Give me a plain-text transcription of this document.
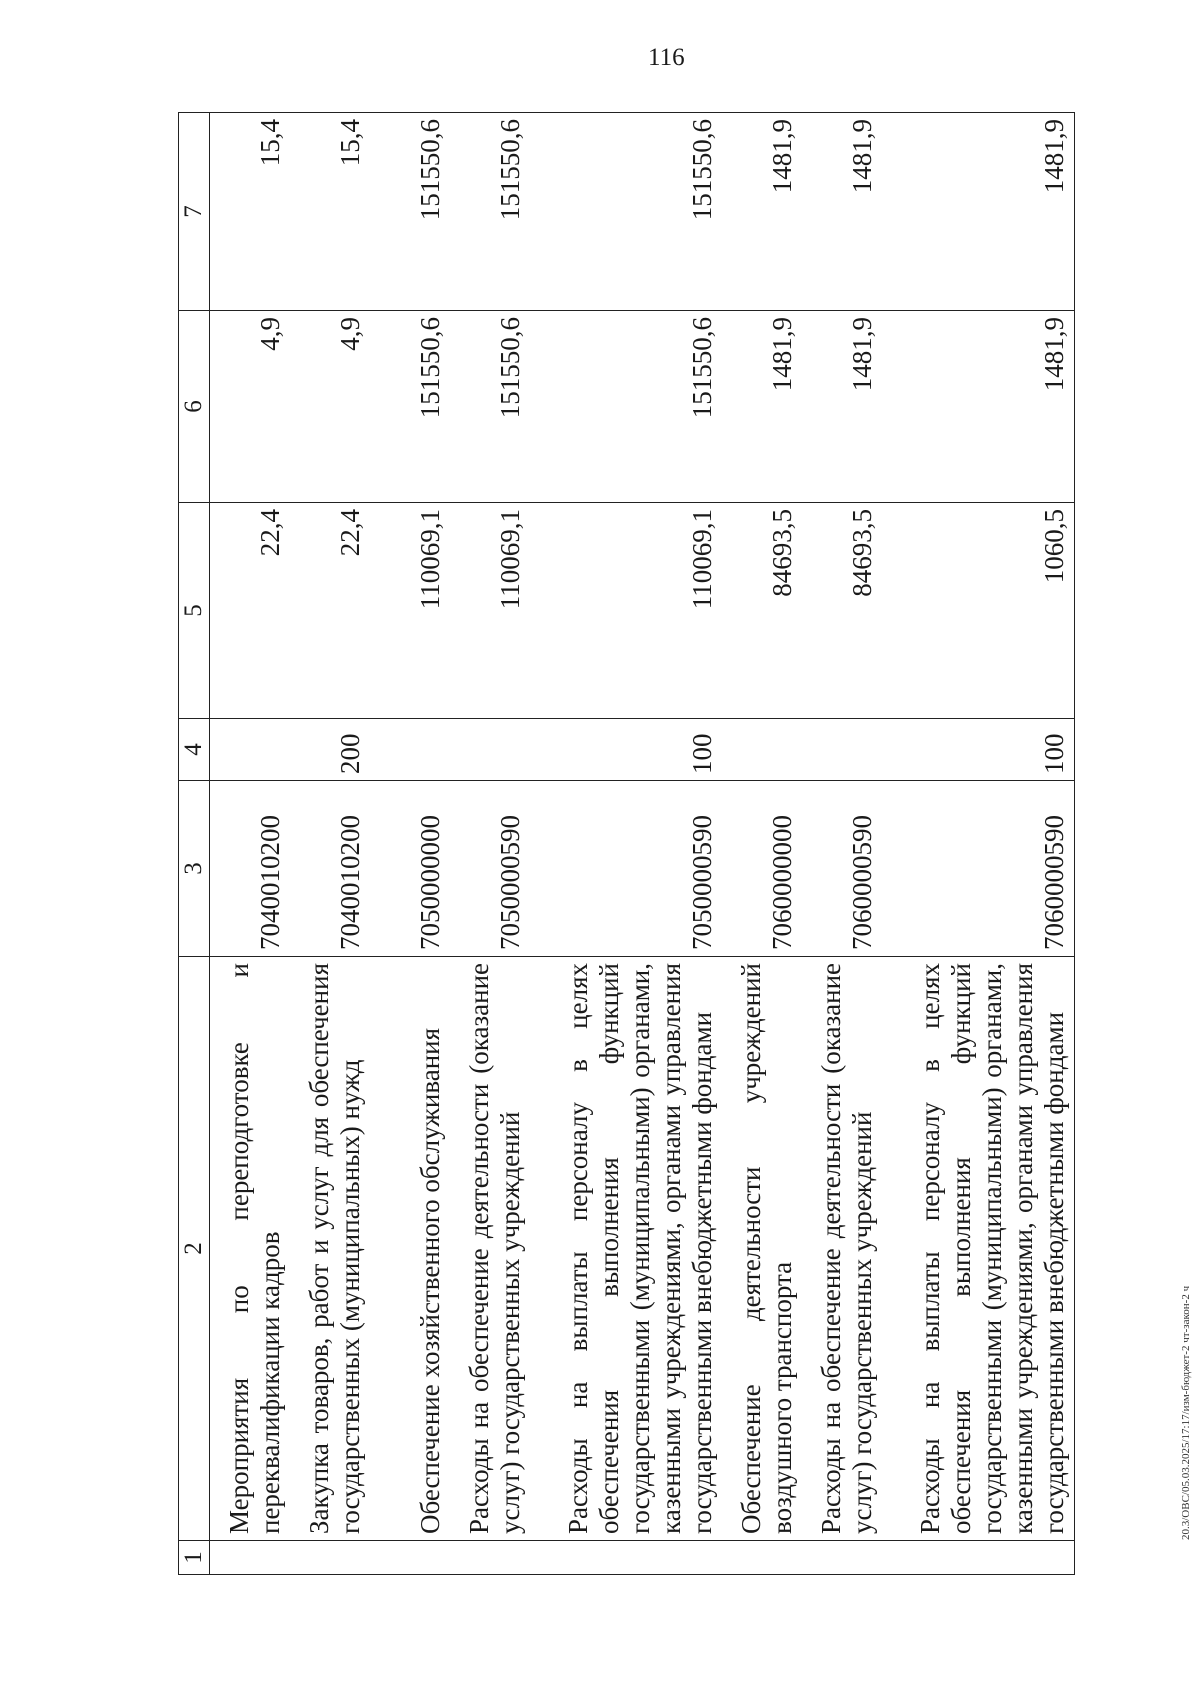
116
1	2	3	4	5	6	7
	Мероприятия по переподготовке и переквалификации кадров	7040010200		22,4	4,9	15,4
	Закупка товаров, работ и услуг для обеспечения государственных (муниципальных) нужд	7040010200	200	22,4	4,9	15,4
	Обеспечение хозяйственного обслуживания	7050000000		110069,1	151550,6	151550,6
	Расходы на обеспечение деятельности (оказание услуг) государственных учреждений	7050000590		110069,1	151550,6	151550,6
	Расходы на выплаты персоналу в целях обеспечения выполнения функций государственными (муниципальными) органами, казенными учреждениями, органами управления государственными внебюджетными фондами	7050000590	100	110069,1	151550,6	151550,6
	Обеспечение деятельности учреждений воздушного транспорта	7060000000		84693,5	1481,9	1481,9
	Расходы на обеспечение деятельности (оказание услуг) государственных учреждений	7060000590		84693,5	1481,9	1481,9
	Расходы на выплаты персоналу в целях обеспечения выполнения функций государственными (муниципальными) органами, казенными учреждениями, органами управления государственными внебюджетными фондами	7060000590	100	1060,5	1481,9	1481,9
20.3/ОВС/05.03.2025/17:17/изм-бюджет-2 чт-закон-2 ч
